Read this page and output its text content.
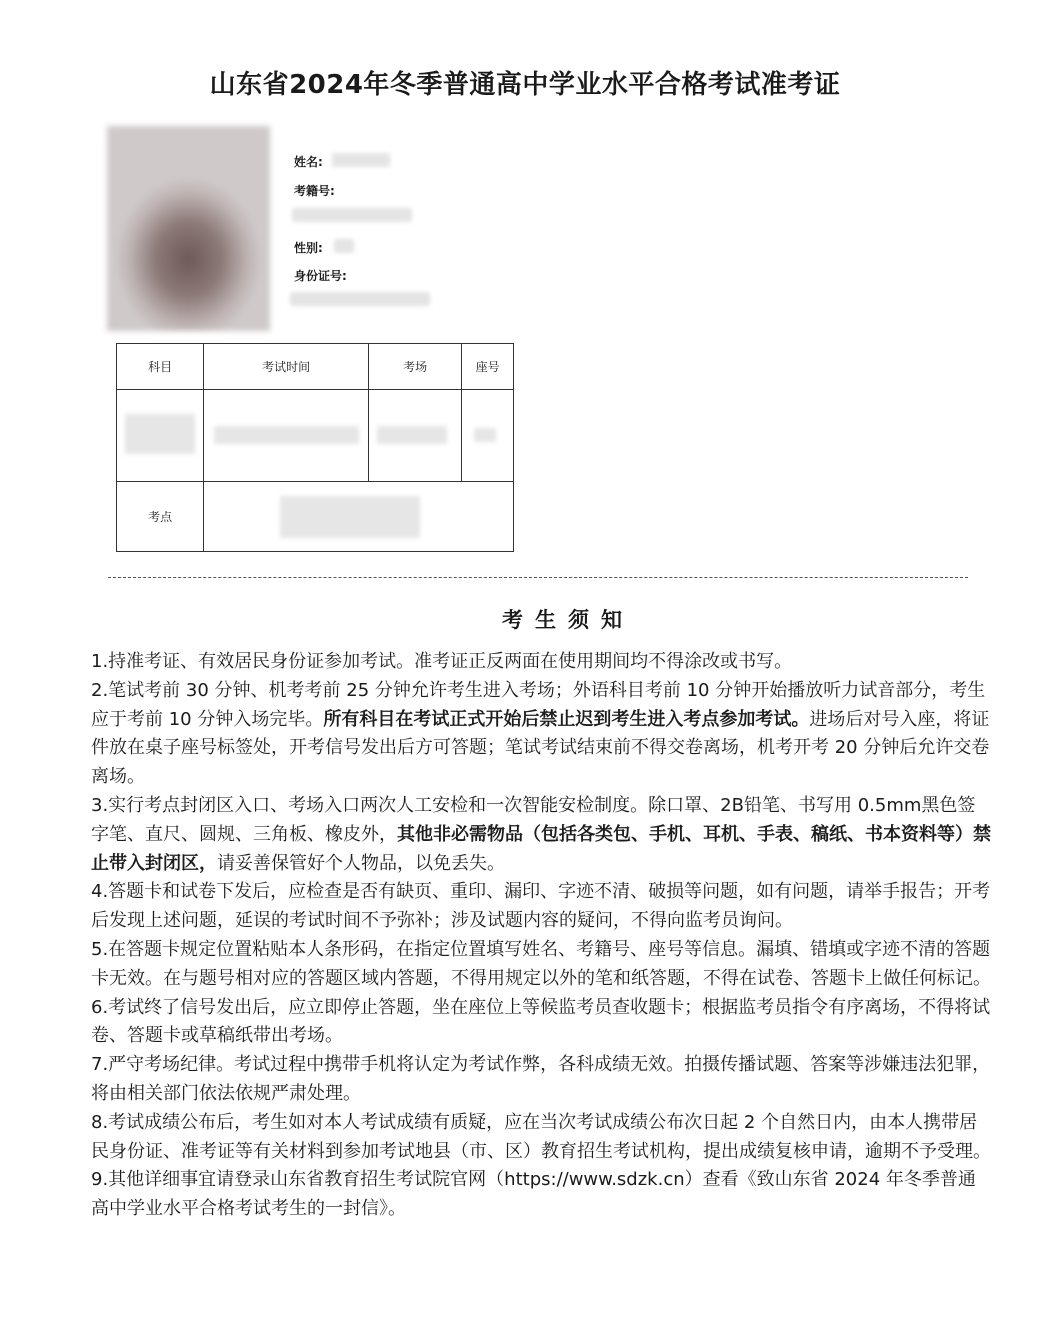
山东省2024年冬季普通高中学业水平合格考试准考证
姓名:
考籍号:
性别:
身份证号:
科目	考试时间	考场	座号

考点			
考生须知

1.持准考证、有效居民身份证参加考试。准考证正反两面在使用期间均不得涂改或书写。

2.笔试考前 30 分钟、机考考前 25 分钟允许考生进入考场；外语科目考前 10 分钟开始播放听力试音部分，考生应于考前 10 分钟入场完毕。所有科目在考试正式开始后禁止迟到考生进入考点参加考试。进场后对号入座，将证件放在桌子座号标签处，开考信号发出后方可答题；笔试考试结束前不得交卷离场，机考开考 20 分钟后允许交卷离场。

3.实行考点封闭区入口、考场入口两次人工安检和一次智能安检制度。除口罩、2B铅笔、书写用 0.5mm黑色签字笔、直尺、圆规、三角板、橡皮外，其他非必需物品（包括各类包、手机、耳机、手表、稿纸、书本资料等）禁止带入封闭区，请妥善保管好个人物品，以免丢失。

4.答题卡和试卷下发后，应检查是否有缺页、重印、漏印、字迹不清、破损等问题，如有问题，请举手报告；开考后发现上述问题，延误的考试时间不予弥补；涉及试题内容的疑问，不得向监考员询问。

5.在答题卡规定位置粘贴本人条形码，在指定位置填写姓名、考籍号、座号等信息。漏填、错填或字迹不清的答题卡无效。在与题号相对应的答题区域内答题，不得用规定以外的笔和纸答题，不得在试卷、答题卡上做任何标记。

6.考试终了信号发出后，应立即停止答题，坐在座位上等候监考员查收题卡；根据监考员指令有序离场，不得将试卷、答题卡或草稿纸带出考场。

7.严守考场纪律。考试过程中携带手机将认定为考试作弊，各科成绩无效。拍摄传播试题、答案等涉嫌违法犯罪，将由相关部门依法依规严肃处理。

8.考试成绩公布后，考生如对本人考试成绩有质疑，应在当次考试成绩公布次日起 2 个自然日内，由本人携带居民身份证、准考证等有关材料到参加考试地县（市、区）教育招生考试机构，提出成绩复核申请，逾期不予受理。

9.其他详细事宜请登录山东省教育招生考试院官网（https://www.sdzk.cn）查看《致山东省 2024 年冬季普通高中学业水平合格考试考生的一封信》。
